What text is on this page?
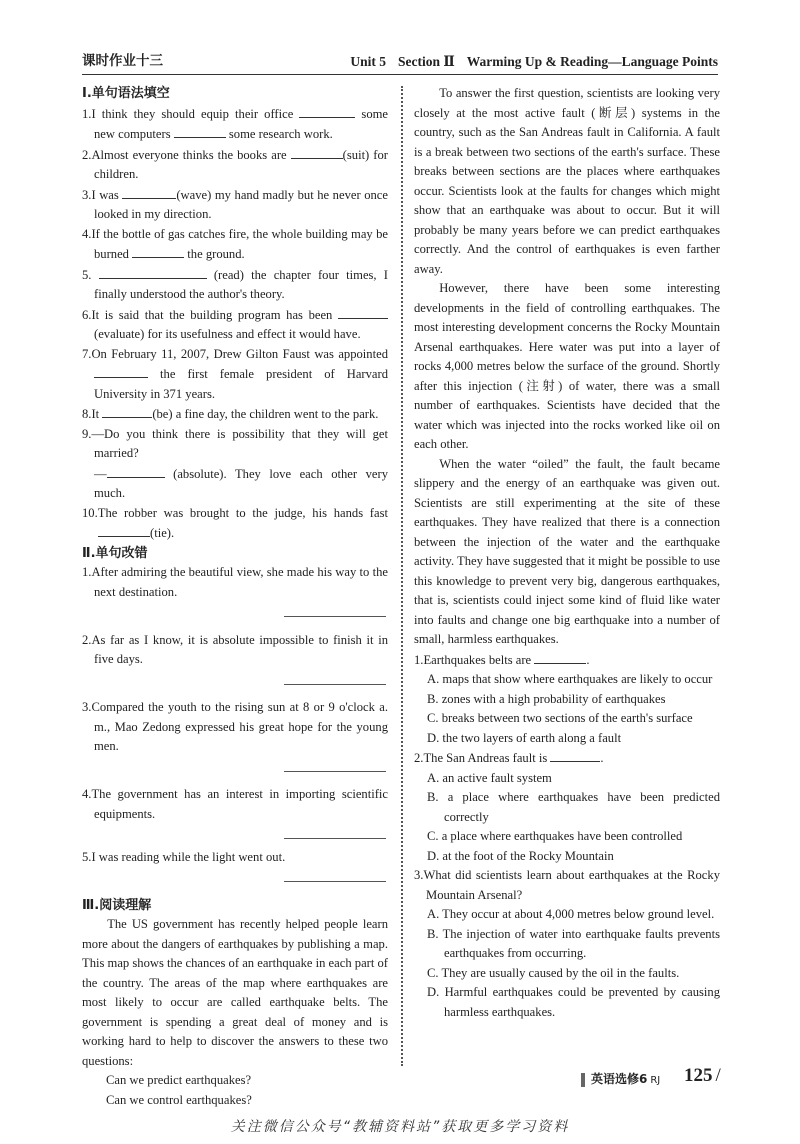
课时作业十三	Unit 5 Section Ⅱ Warming Up & Reading—Language Points

Ⅰ.单句语法填空

1.I think they should equip their office	some new computers	some research work.

2.Almost everyone thinks the books are	(suit) for children.

3.I was	(wave) my hand madly but he never once looked in my direction.

4.If the bottle of gas catches fire, the whole building may be burned	the ground.

5.	(read) the chapter four times, I finally understood the author's theory.

6.It is said that the building program has been  (evaluate) for its usefulness and effect it would have.

7.On February 11, 2007, Drew Gilton Faust was appointed  the first female president of Harvard University in 371 years.

8.It	(be) a fine day, the children went to the park.

9.—Do you think there is possibility that they will get married?
—	(absolute). They love each other very much.

10.The robber was brought to the judge, his hands fast (tie).

Ⅱ.单句改错

1.After admiring the beautiful view, she made his way to the next destination.

2.As far as I know, it is absolute impossible to finish it in five days.

3.Compared the youth to the rising sun at 8 or 9 o'clock a. m., Mao Zedong expressed his great hope for the young men.

4.The government has an interest in importing scientific equipments.

5.I was reading while the light went out.

Ⅲ.阅读理解

The US government has recently helped people learn more about the dangers of earthquakes by publishing a map. This map shows the chances of an earthquake in each part of the country. The areas of the map where earthquakes are most likely to occur are called earthquake belts. The government is spending a great deal of money and is working hard to help to discover the answers to these two questions:

Can we predict earthquakes?

Can we control earthquakes?

To answer the first question, scientists are looking very closely at the most active fault (断层) systems in the country, such as the San Andreas fault in California. A fault is a break between two sections of the earth's surface. These breaks between sections are the places where earthquakes occur. Scientists look at the faults for changes which might show that an earthquake was about to occur. But it will probably be many years before we can predict earthquakes correctly. And the control of earthquakes is even farther away.

However, there have been some interesting developments in the field of controlling earthquakes. The most interesting development concerns the Rocky Mountain Arsenal earthquakes. Here water was put into a layer of rocks 4,000 metres below the surface of the ground. Shortly after this injection (注射) of water, there was a small number of earthquakes. Scientists have decided that the water which was injected into the rocks worked like oil on each other.

When the water “oiled” the fault, the fault became slippery and the energy of an earthquake was given out. Scientists are still experimenting at the site of these earthquakes. They have realized that there is a connection between the injection of the water and the earthquake activity. They have suggested that it might be possible to use this knowledge to prevent very big, dangerous earthquakes, that is, scientists could inject some kind of fluid like water into faults and change one big earthquake into a number of small, harmless earthquakes.

1.Earthquakes belts are	.

A. maps that show where earthquakes are likely to occur

B. zones with a high probability of earthquakes

C. breaks between two sections of the earth's surface

D. the two layers of earth along a fault

2.The San Andreas fault is	.

A. an active fault system

B. a place where earthquakes have been predicted correctly

C. a place where earthquakes have been controlled

D. at the foot of the Rocky Mountain

3.What did scientists learn about earthquakes at the Rocky Mountain Arsenal?

A. They occur at about 4,000 metres below ground level.

B. The injection of water into earthquake faults prevents earthquakes from occurring.

C. They are usually caused by the oil in the faults.

D. Harmful earthquakes could be prevented by causing harmless earthquakes.

英语选修6 RJ 125 /
关注微信公众号“教辅资料站”获取更多学习资料
